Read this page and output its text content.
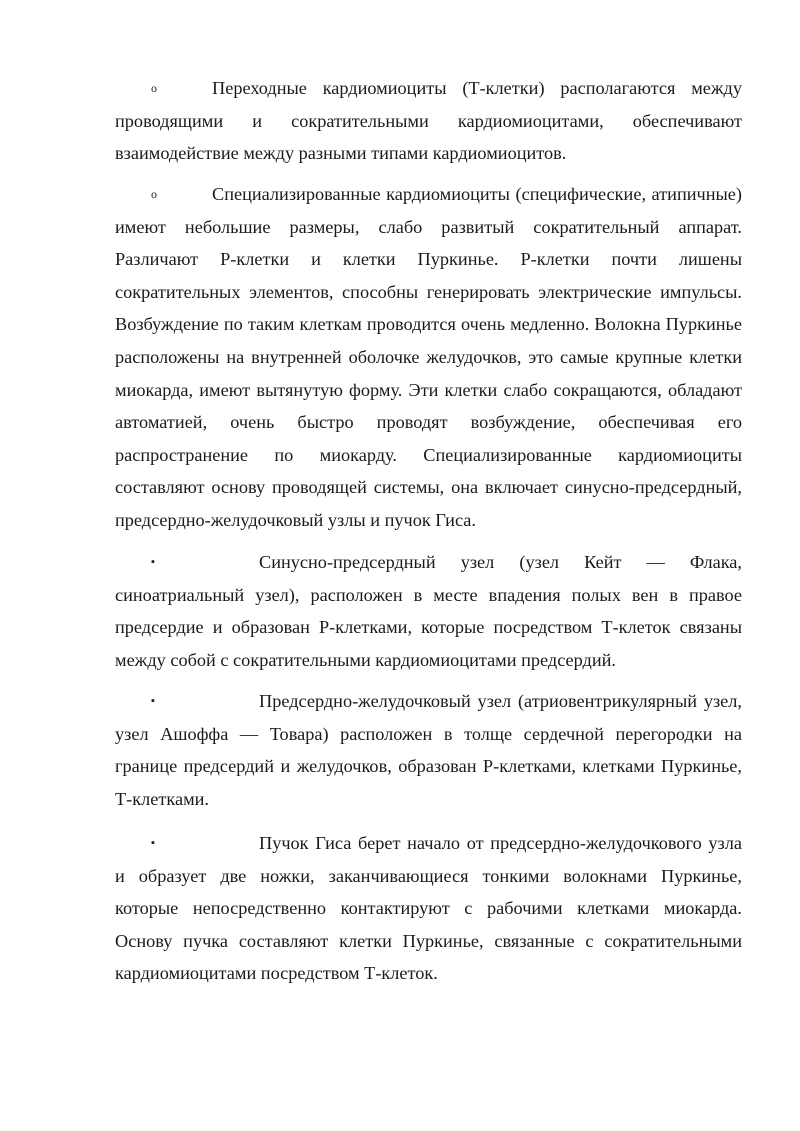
o	Переходные кардиомиоциты (Т-клетки) располагаются между проводящими и сократительными кардиомиоцитами, обеспечивают взаимодействие между разными типами кардиомиоцитов.

o	Специализированные кардиомиоциты (специфические, атипичные) имеют небольшие размеры, слабо развитый сократительный аппарат. Различают Р-клетки и клетки Пуркинье. Р-клетки почти лишены сократительных элементов, способны генерировать электрические импульсы. Возбуждение по таким клеткам проводится очень медленно. Волокна Пуркинье расположены на внутренней оболочке желудочков, это самые крупные клетки миокарда, имеют вытянутую форму. Эти клетки слабо сокращаются, обладают автоматией, очень быстро проводят возбуждение, обеспечивая его распространение по миокарду. Специализированные кардиомиоциты составляют основу проводящей системы, она включает синусно-предсердный, предсердно-желудочковый узлы и пучок Гиса.

▪	Синусно-предсердный узел (узел Кейт — Флака, синоатриальный узел), расположен в месте впадения полых вен в правое предсердие и образован Р-клетками, которые посредством Т-клеток связаны между собой с сократительными кардиомиоцитами предсердий.

▪	Предсердно-желудочковый узел (атриовентрикулярный узел, узел Ашоффа — Товара) расположен в толще сердечной перегородки на границе предсердий и желудочков, образован Р-клетками, клетками Пуркинье, Т-клетками.

▪	Пучок Гиса берет начало от предсердно-желудочкового узла и образует две ножки, заканчивающиеся тонкими волокнами Пуркинье, которые непосредственно контактируют с рабочими клетками миокарда. Основу пучка составляют клетки Пуркинье, связанные с сократительными кардиомиоцитами посредством Т-клеток.
